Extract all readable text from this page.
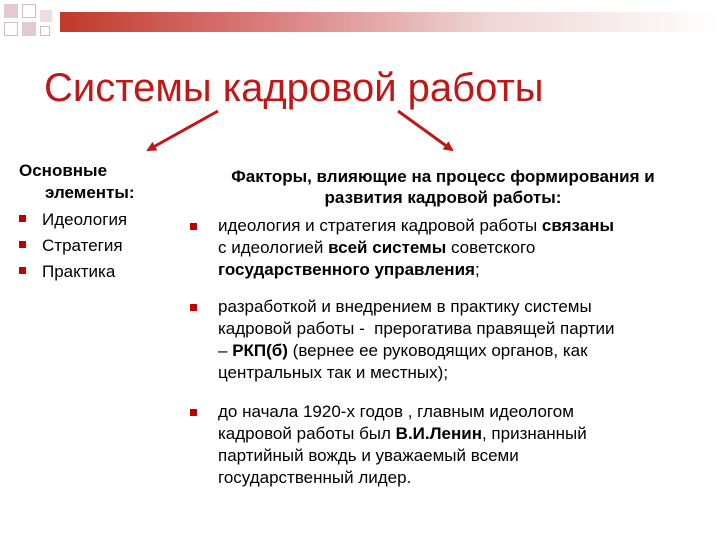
Системы кадровой работы
Основные
элементы:
Идеология
Стратегия
Практика
Факторы, влияющие на процесс формирования и
развития кадровой работы:
идеология и стратегия кадровой работы связаны
с идеологией всей системы советского
государственного управления;
разработкой и внедрением в практику системы
кадровой работы -  прерогатива правящей партии
– РКП(б) (вернее ее руководящих органов, как
центральных так и местных);
до начала 1920-х годов , главным идеологом
кадровой работы был В.И.Ленин, признанный
партийный вождь и уважаемый всеми
государственный лидер.
